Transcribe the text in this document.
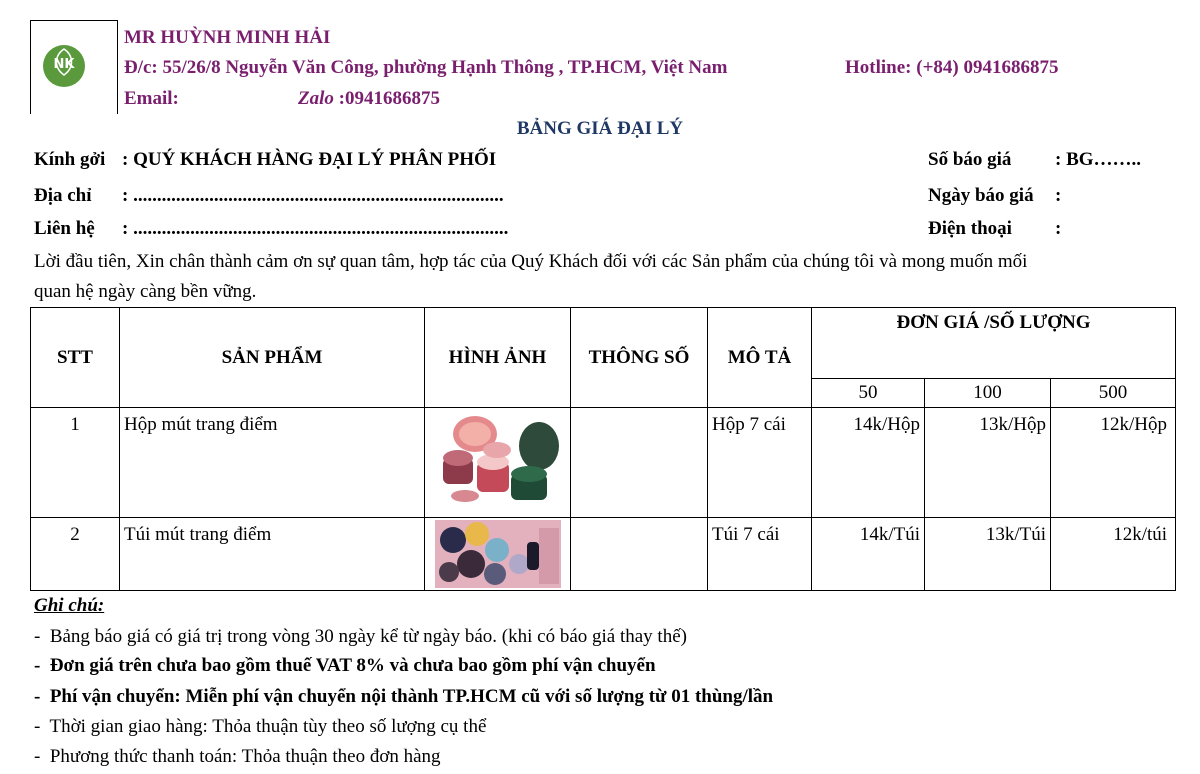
NK
MR HUỲNH MINH HẢI
Đ/c: 55/26/8 Nguyễn Văn Công, phường Hạnh Thông , TP.HCM, Việt Nam	Hotline: (+84) 0941686875
Email:	Zalo :0941686875
BẢNG GIÁ ĐẠI LÝ
Kính gởi : QUÝ KHÁCH HÀNG ĐẠI LÝ PHÂN PHỐI
Địa chỉ : ..............................................................................
Liên hệ : ...............................................................................
Số báo giá : BG……..
Ngày báo giá :
Điện thoại :
Lời đầu tiên, Xin chân thành cảm ơn sự quan tâm, hợp tác của Quý Khách đối với các Sản phẩm của chúng tôi và mong muốn mối
quan hệ ngày càng bền vững.
STT	SẢN PHẨM	HÌNH ẢNH	THÔNG SỐ	MÔ TẢ	ĐƠN GIÁ /SỐ LƯỢNG		
					50	100	500
1	Hộp mút trang điểm			Hộp 7 cái	14k/Hộp	13k/Hộp	12k/Hộp
2	Túi mút trang điểm			Túi 7 cái	14k/Túi	13k/Túi	12k/túi
Ghi chú:
- Bảng báo giá có giá trị trong vòng 30 ngày kể từ ngày báo. (khi có báo giá thay thế)
- Đơn giá trên chưa bao gồm thuế VAT 8% và chưa bao gồm phí vận chuyển
- Phí vận chuyển: Miễn phí vận chuyển nội thành TP.HCM cũ với số lượng từ 01 thùng/lần
- Thời gian giao hàng: Thỏa thuận tùy theo số lượng cụ thể
- Phương thức thanh toán: Thỏa thuận theo đơn hàng
